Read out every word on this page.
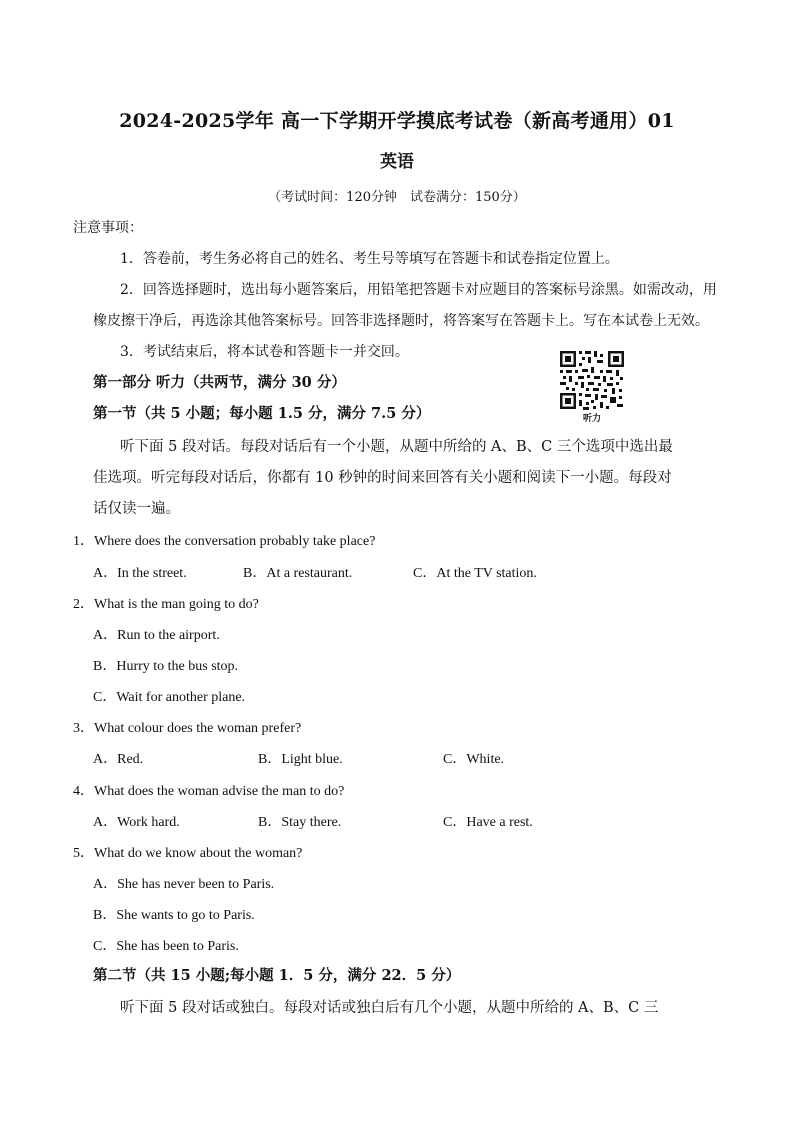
2024-2025学年 高一下学期开学摸底考试卷（新高考通用）01
英语
（考试时间：120分钟　试卷满分：150分）
注意事项：
1．答卷前，考生务必将自己的姓名、考生号等填写在答题卡和试卷指定位置上。
2．回答选择题时，选出每小题答案后，用铅笔把答题卡对应题目的答案标号涂黑。如需改动，用
橡皮擦干净后，再选涂其他答案标号。回答非选择题时，将答案写在答题卡上。写在本试卷上无效。
3．考试结束后，将本试卷和答题卡一并交回。
听力
第一部分 听力（共两节，满分 30 分）
第一节（共 5 小题；每小题 1.5 分，满分 7.5 分）
听下面 5 段对话。每段对话后有一个小题，从题中所给的 A、B、C 三个选项中选出最
佳选项。听完每段对话后，你都有 10 秒钟的时间来回答有关小题和阅读下一小题。每段对
话仅读一遍。
1．Where does the conversation probably take place?
A．In the street.	B．At a restaurant.	C．At the TV station.
2．What is the man going to do?
A．Run to the airport.
B．Hurry to the bus stop.
C．Wait for another plane.
3．What colour does the woman prefer?
A．Red.	B．Light blue.	C．White.
4．What does the woman advise the man to do?
A．Work hard.	B．Stay there.	C．Have a rest.
5．What do we know about the woman?
A．She has never been to Paris.
B．She wants to go to Paris.
C．She has been to Paris.
第二节（共 15 小题;每小题 1．5 分，满分 22．5 分）
听下面 5 段对话或独白。每段对话或独白后有几个小题，从题中所给的 A、B、C 三
